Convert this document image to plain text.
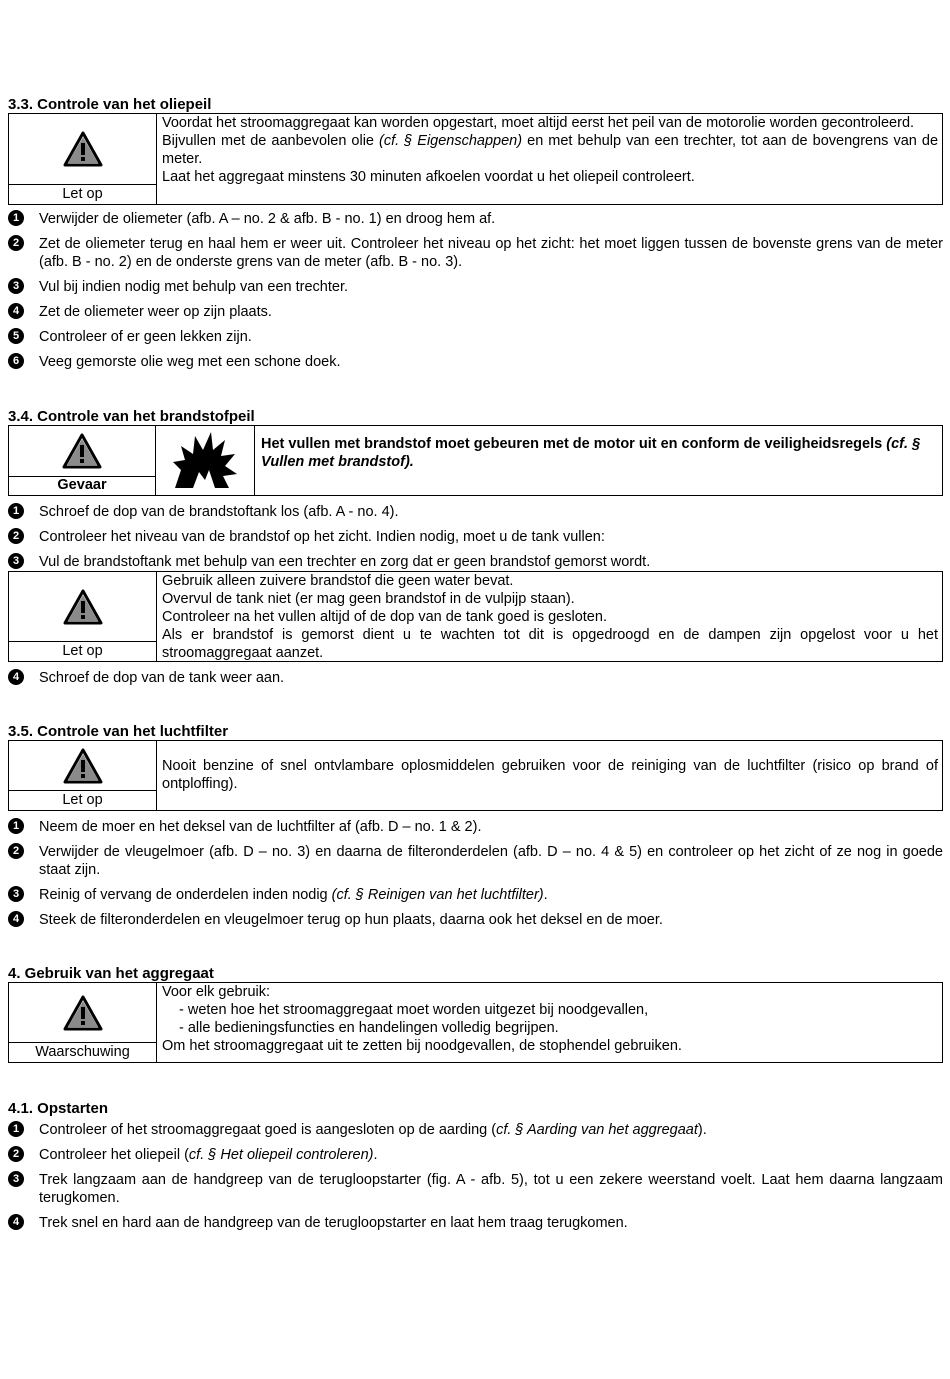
3.3. Controle van het oliepeil
Let op

Voordat het stroomaggregaat kan worden opgestart, moet altijd eerst het peil van de motorolie worden gecontroleerd.

Bijvullen met de aanbevolen olie (cf. § Eigenschappen) en met behulp van een trechter, tot aan de bovengrens van de meter.

Laat het aggregaat minstens 30 minuten afkoelen voordat u het oliepeil controleert.

1	Verwijder de oliemeter (afb. A – no. 2 & afb. B - no. 1) en droog hem af.
2	Zet de oliemeter terug en haal hem er weer uit. Controleer het niveau op het zicht: het moet liggen tussen de bovenste grens van de meter (afb. B - no. 2) en de onderste grens van de meter (afb. B - no. 3).
3	Vul bij indien nodig met behulp van een trechter.
4	Zet de oliemeter weer op zijn plaats.
5	Controleer of er geen lekken zijn.
6	Veeg gemorste olie weg met een schone doek.
3.4. Controle van het brandstofpeil
Gevaar
Het vullen met brandstof moet gebeuren met de motor uit en conform de veiligheidsregels (cf. § Vullen met brandstof).
1	Schroef de dop van de brandstoftank los (afb. A - no. 4).
2	Controleer het niveau van de brandstof op het zicht. Indien nodig, moet u de tank vullen:
3	Vul de brandstoftank met behulp van een trechter en zorg dat er geen brandstof gemorst wordt.
Let op

Gebruik alleen zuivere brandstof die geen water bevat.

Overvul de tank niet (er mag geen brandstof in de vulpijp staan).

Controleer na het vullen altijd of de dop van de tank goed is gesloten.

Als er brandstof is gemorst dient u te wachten tot dit is opgedroogd en de dampen zijn opgelost voor u het stroomaggregaat aanzet.

4	Schroef de dop van de tank weer aan.
3.5. Controle van het luchtfilter
Let op

Nooit benzine of snel ontvlambare oplosmiddelen gebruiken voor de reiniging van de luchtfilter (risico op brand of ontploffing).

1	Neem de moer en het deksel van de luchtfilter af (afb. D – no. 1 & 2).
2	Verwijder de vleugelmoer (afb. D – no. 3) en daarna de filteronderdelen (afb. D – no. 4 & 5) en controleer op het zicht of ze nog in goede staat zijn.
3	Reinig of vervang de onderdelen inden nodig (cf. § Reinigen van het luchtfilter).
4	Steek de filteronderdelen en vleugelmoer terug op hun plaats, daarna ook het deksel en de moer.
4. Gebruik van het aggregaat
Waarschuwing

Voor elk gebruik:

- weten hoe het stroomaggregaat moet worden uitgezet bij noodgevallen,

- alle bedieningsfuncties en handelingen volledig begrijpen.

Om het stroomaggregaat uit te zetten bij noodgevallen, de stophendel gebruiken.

4.1. Opstarten
1	Controleer of het stroomaggregaat goed is aangesloten op de aarding (cf. § Aarding van het aggregaat).
2	Controleer het oliepeil (cf. § Het oliepeil controleren).
3	Trek langzaam aan de handgreep van de terugloopstarter (fig. A - afb. 5), tot u een zekere weerstand voelt. Laat hem daarna langzaam terugkomen.
4	Trek snel en hard aan de handgreep van de terugloopstarter en laat hem traag terugkomen.
